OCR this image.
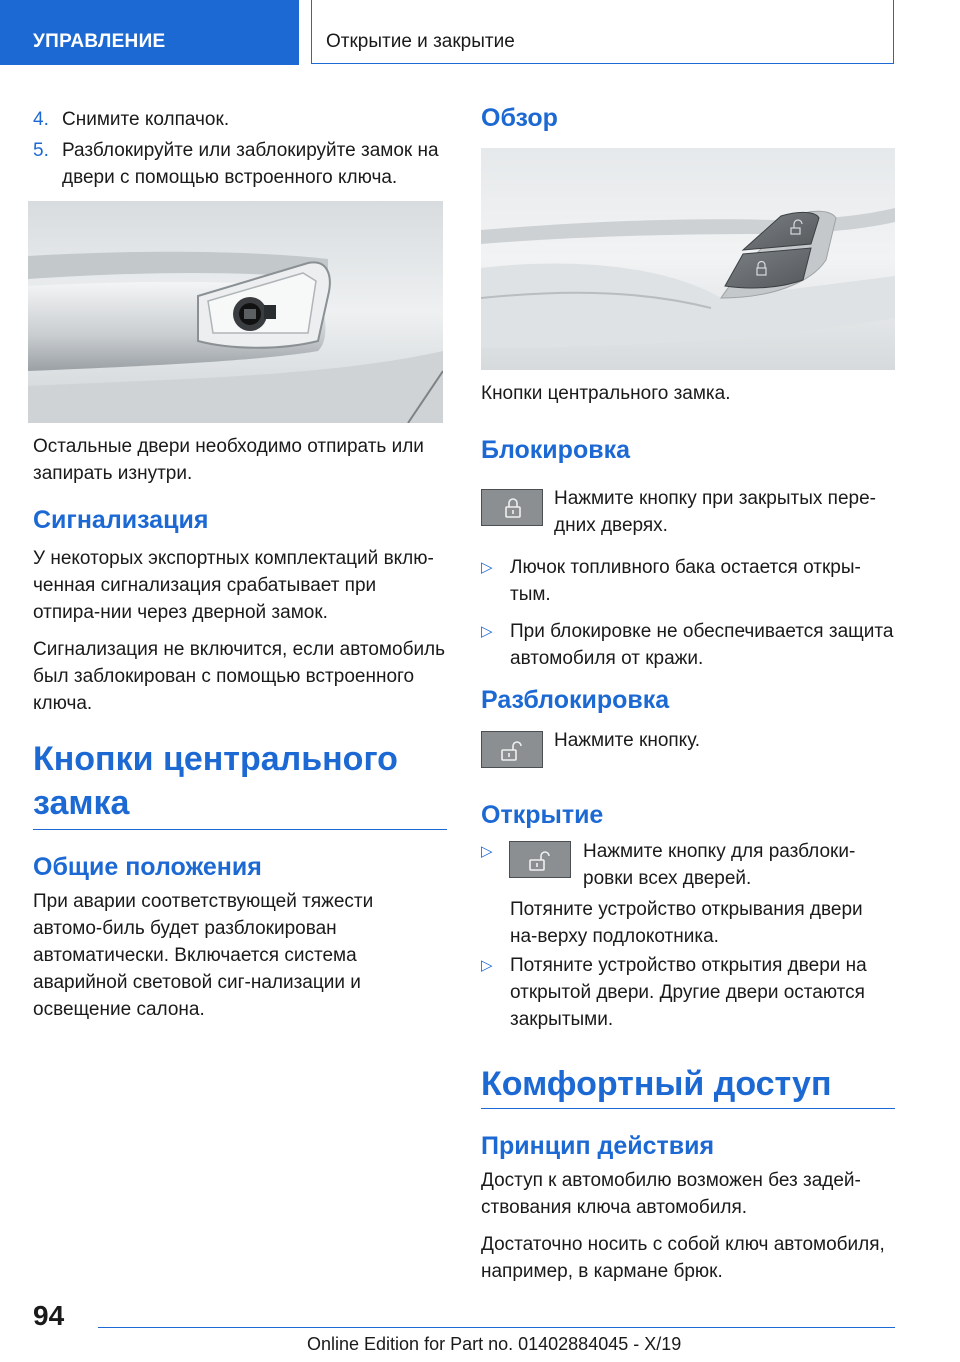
УПРАВЛЕНИЕ	Открытие и закрытие
4. Снимите колпачок.
5. Разблокируйте или заблокируйте замок на двери с помощью встроенного ключа.

Остальные двери необходимо отпирать или запирать изнутри.

Сигнализация

У некоторых экспортных комплектаций вклю-ченная сигнализация срабатывает при отпира-нии через дверной замок.

Сигнализация не включится, если автомобиль был заблокирован с помощью встроенного ключа.

Кнопки центрального замка
Общие положения

При аварии соответствующей тяжести автомо-биль будет разблокирован автоматически. Включается система аварийной световой сиг-нализации и освещение салона.

Обзор

Кнопки центрального замка.

Блокировка

Нажмите кнопку при закрытых пере-дних дверях.

▷ Лючок топливного бака остается откры-тым.
▷ При блокировке не обеспечивается защита автомобиля от кражи.
Разблокировка

Нажмите кнопку.

Открытие
▷	Нажмите кнопку для разблоки-ровки всех дверей.

Потяните устройство открывания двери на-верху подлокотника.

▷ Потяните устройство открытия двери на открытой двери. Другие двери остаются закрытыми.
Комфортный доступ
Принцип действия

Доступ к автомобилю возможен без задей-ствования ключа автомобиля.

Достаточно носить с собой ключ автомобиля, например, в кармане брюк.

94
Online Edition for Part no. 01402884045 - X/19
